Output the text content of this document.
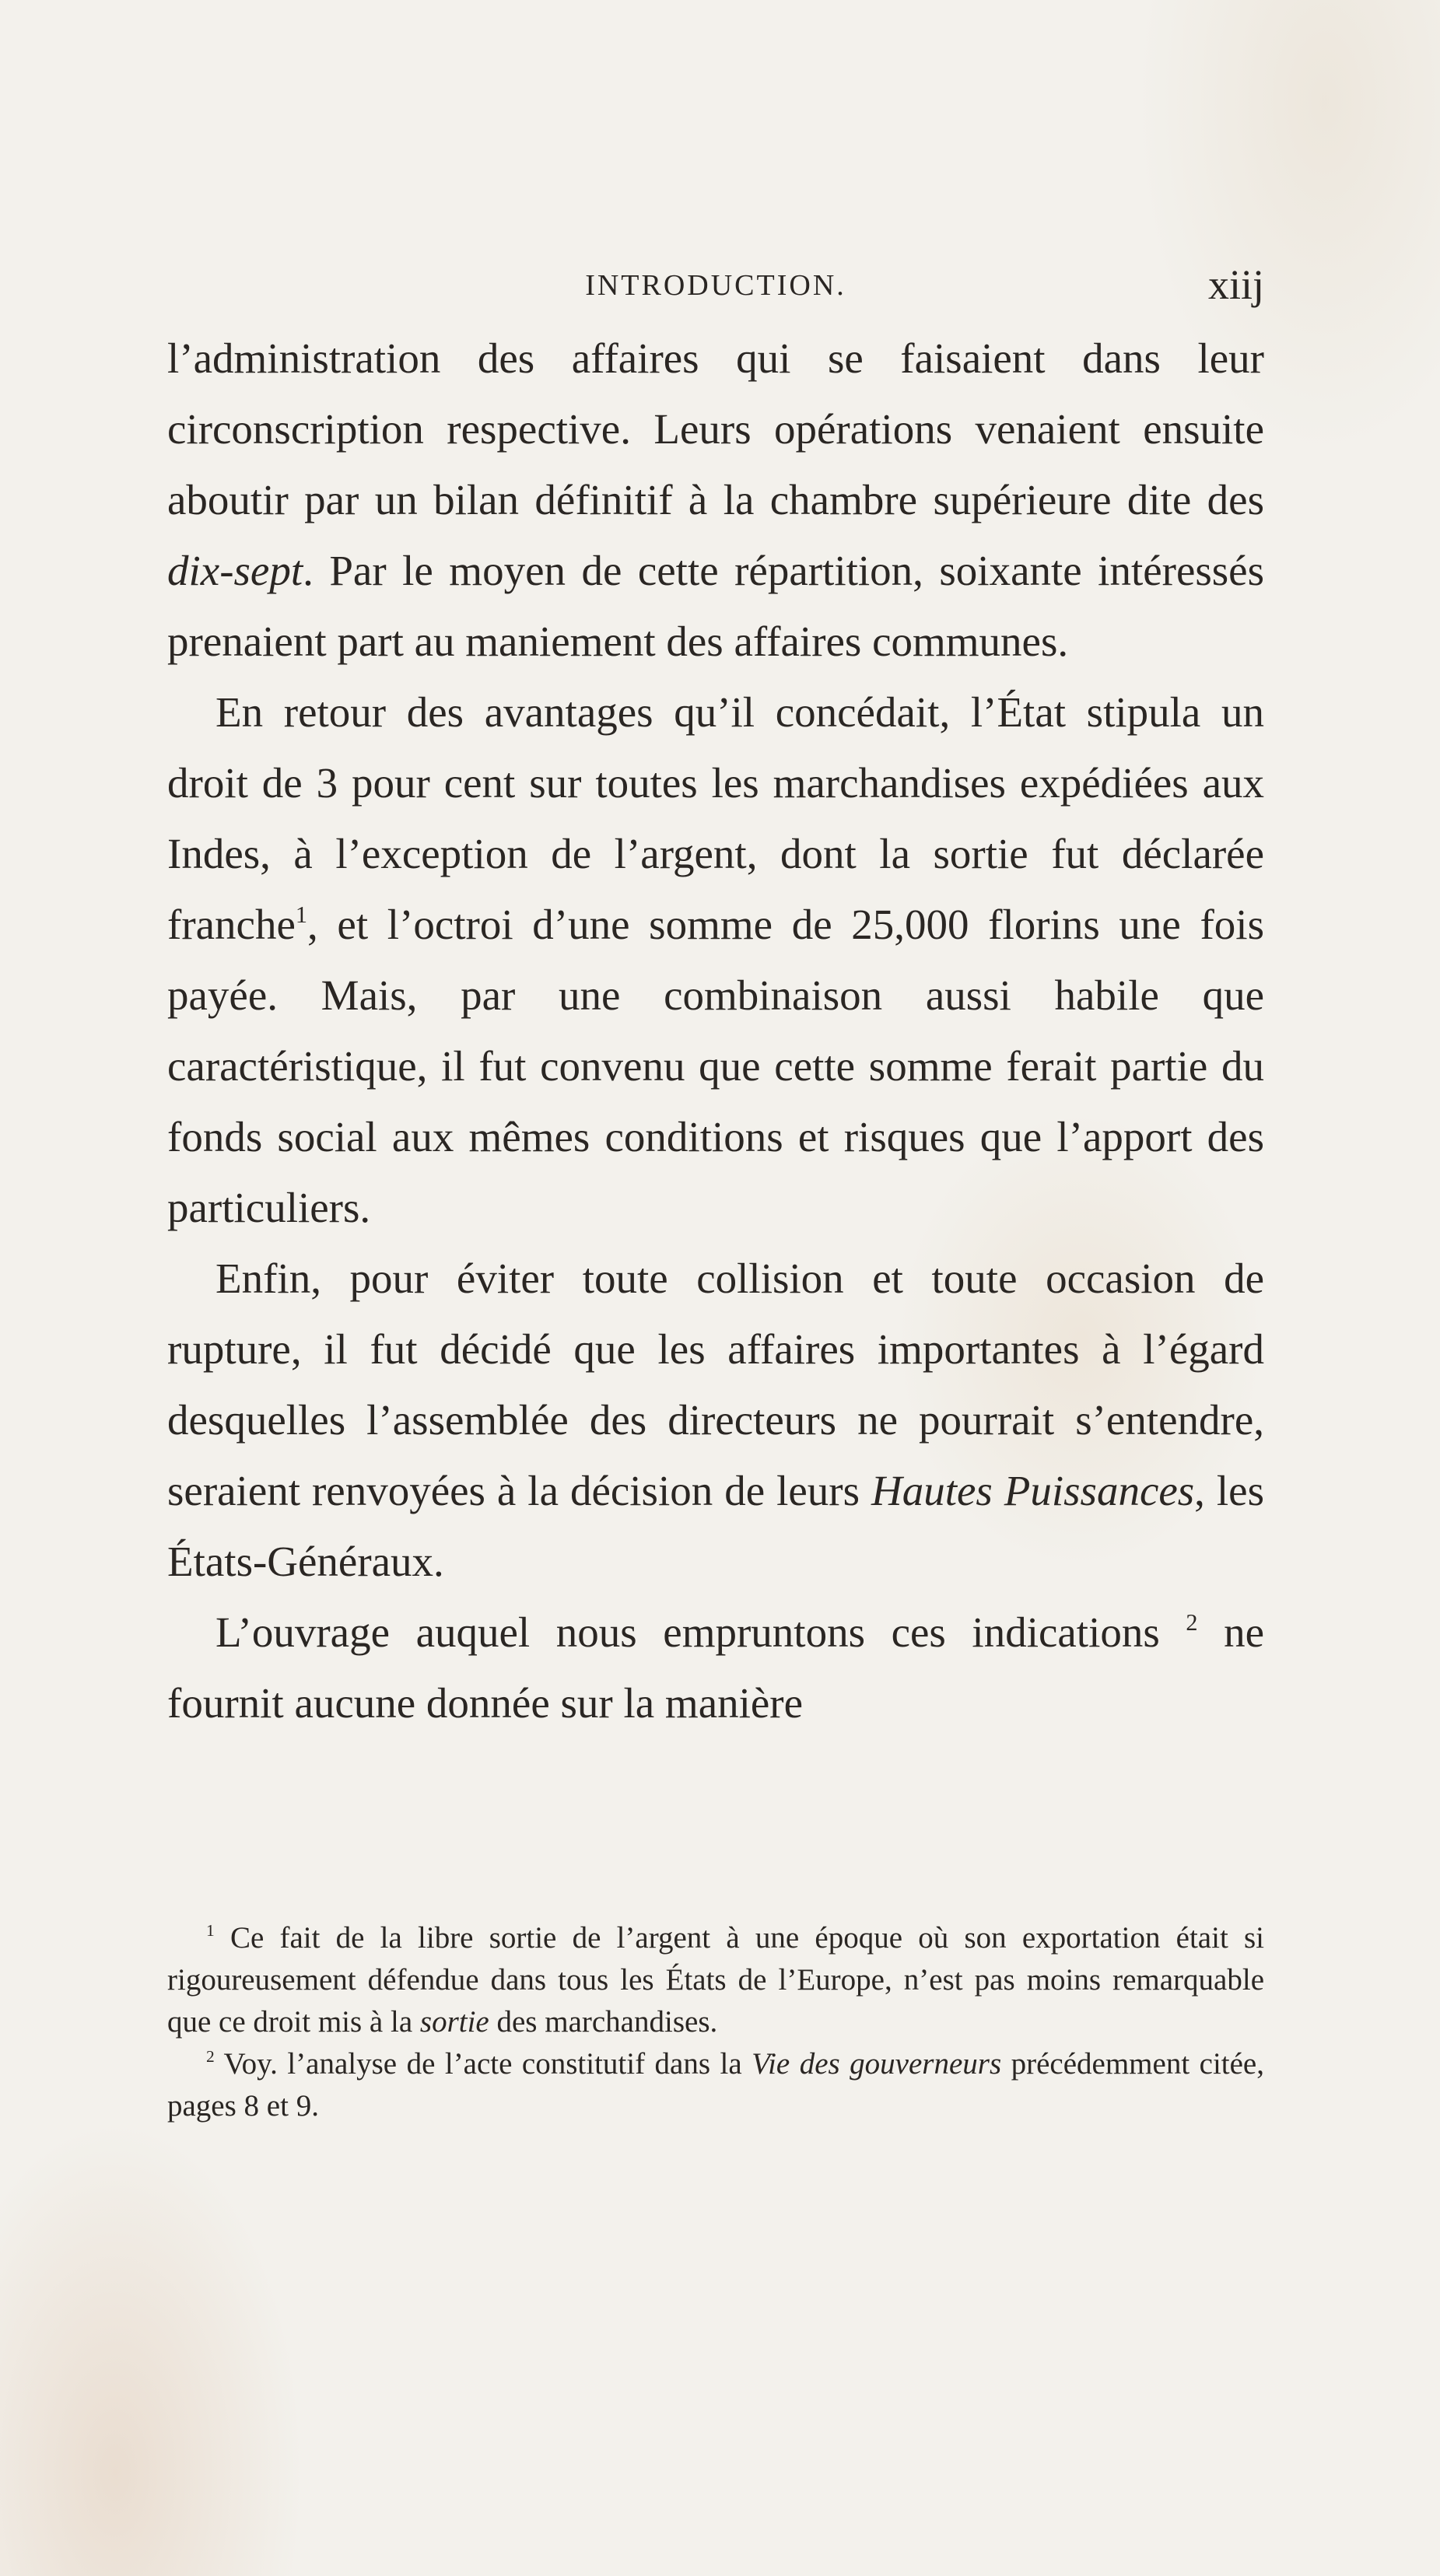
INTRODUCTION.	xiij

l’administration des affaires qui se faisaient dans leur circonscription respective. Leurs opérations venaient ensuite aboutir par un bilan définitif à la chambre supérieure dite des dix-sept. Par le moyen de cette répartition, soixante intéressés prenaient part au maniement des affaires communes.

En retour des avantages qu’il concédait, l’État stipula un droit de 3 pour cent sur toutes les marchandises expédiées aux Indes, à l’exception de l’argent, dont la sortie fut déclarée franche$^1$, et l’octroi d’une somme de 25,000 florins une fois payée. Mais, par une combinaison aussi habile que caractéristique, il fut convenu que cette somme ferait partie du fonds social aux mêmes conditions et risques que l’apport des particuliers.

Enfin, pour éviter toute collision et toute occasion de rupture, il fut décidé que les affaires importantes à l’égard desquelles l’assemblée des directeurs ne pourrait s’entendre, seraient renvoyées à la décision de leurs Hautes Puissances, les États-Généraux.

L’ouvrage auquel nous empruntons ces indications $^2$ ne fournit aucune donnée sur la manière

$^1$ Ce fait de la libre sortie de l’argent à une époque où son exportation était si rigoureusement défendue dans tous les États de l’Europe, n’est pas moins remarquable que ce droit mis à la sortie des marchandises.

$^2$ Voy. l’analyse de l’acte constitutif dans la Vie des gouverneurs précédemment citée, pages 8 et 9.
